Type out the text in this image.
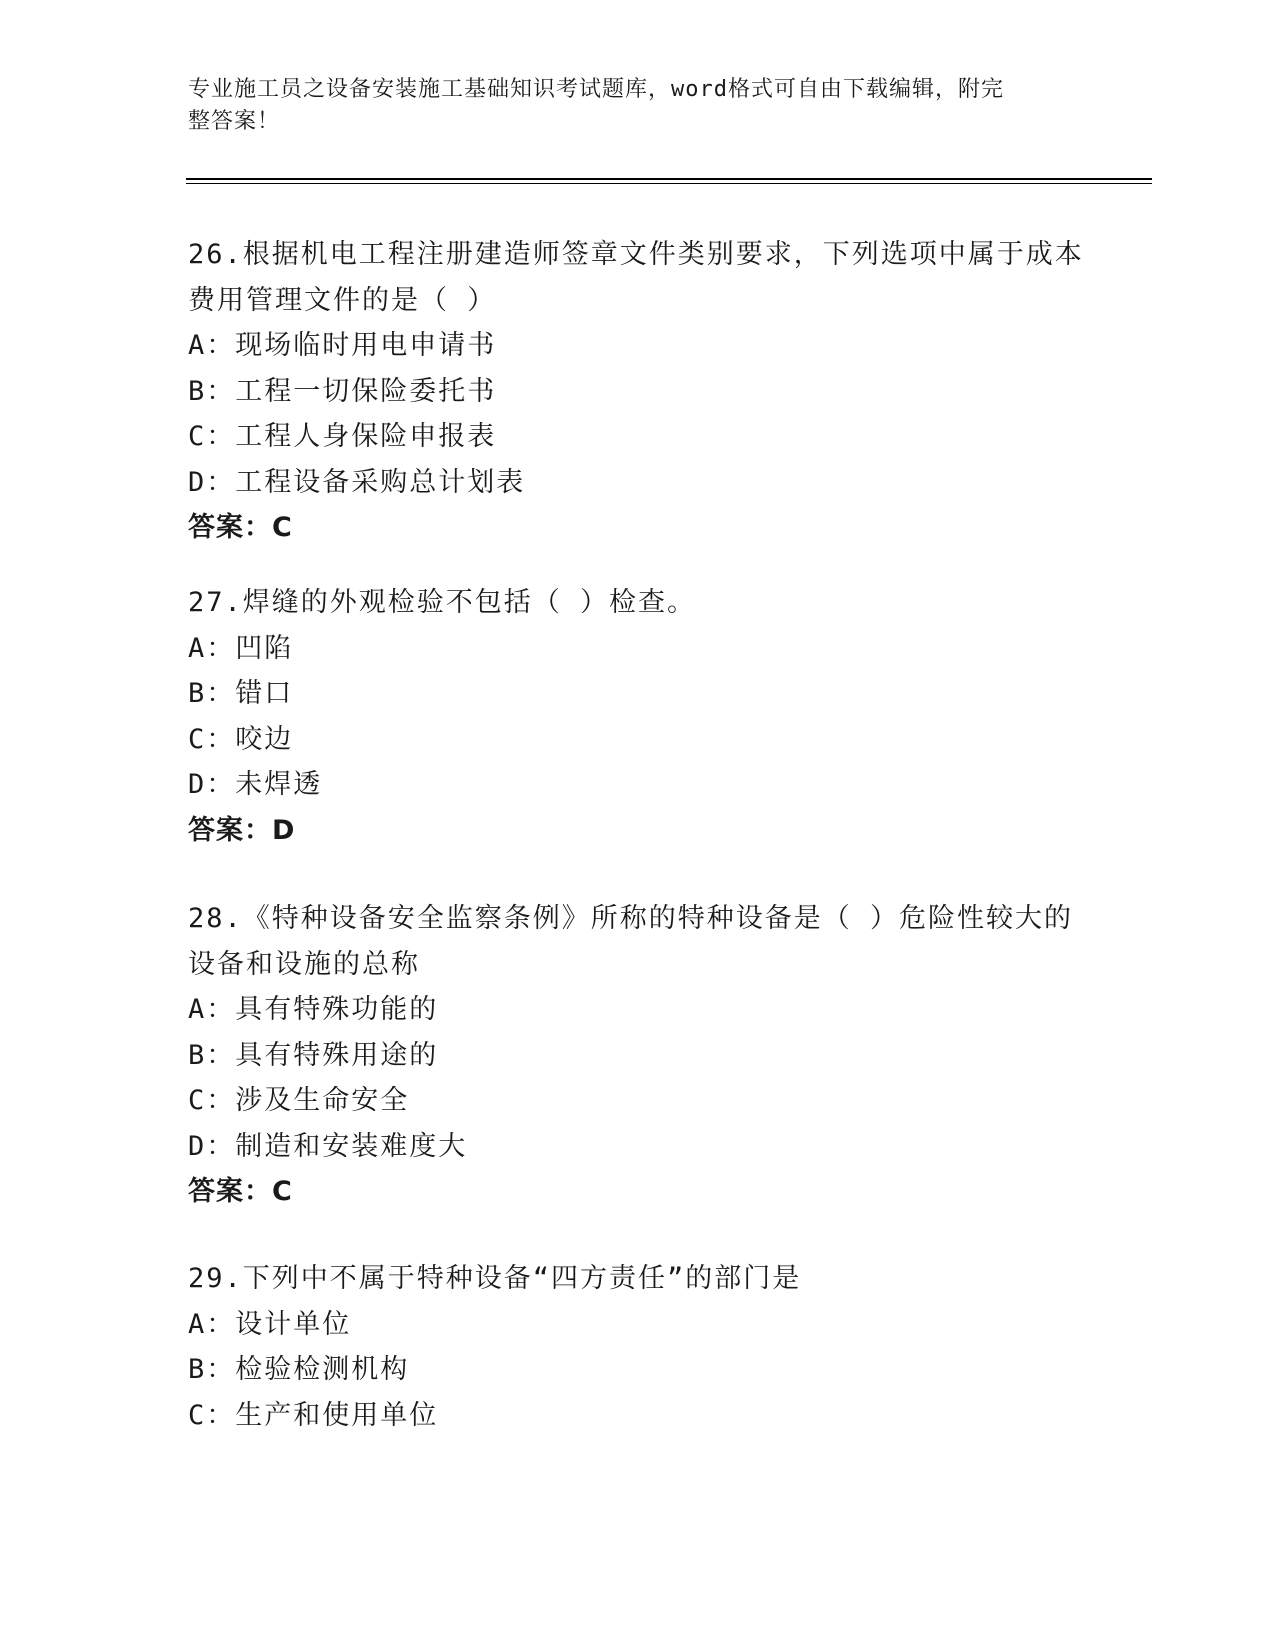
专业施工员之设备安装施工基础知识考试题库，word格式可自由下载编辑，附完
整答案！
26.根据机电工程注册建造师签章文件类别要求，下列选项中属于成本
费用管理文件的是（ ）
A：现场临时用电申请书
B：工程一切保险委托书
C：工程人身保险申报表
D：工程设备采购总计划表
答案：C
27.焊缝的外观检验不包括（ ）检查。
A：凹陷
B：错口
C：咬边
D：未焊透
答案：D
28.《特种设备安全监察条例》所称的特种设备是（ ）危险性较大的
设备和设施的总称
A：具有特殊功能的
B：具有特殊用途的
C：涉及生命安全
D：制造和安装难度大
答案：C
29.下列中不属于特种设备“四方责任”的部门是
A：设计单位
B：检验检测机构
C：生产和使用单位
